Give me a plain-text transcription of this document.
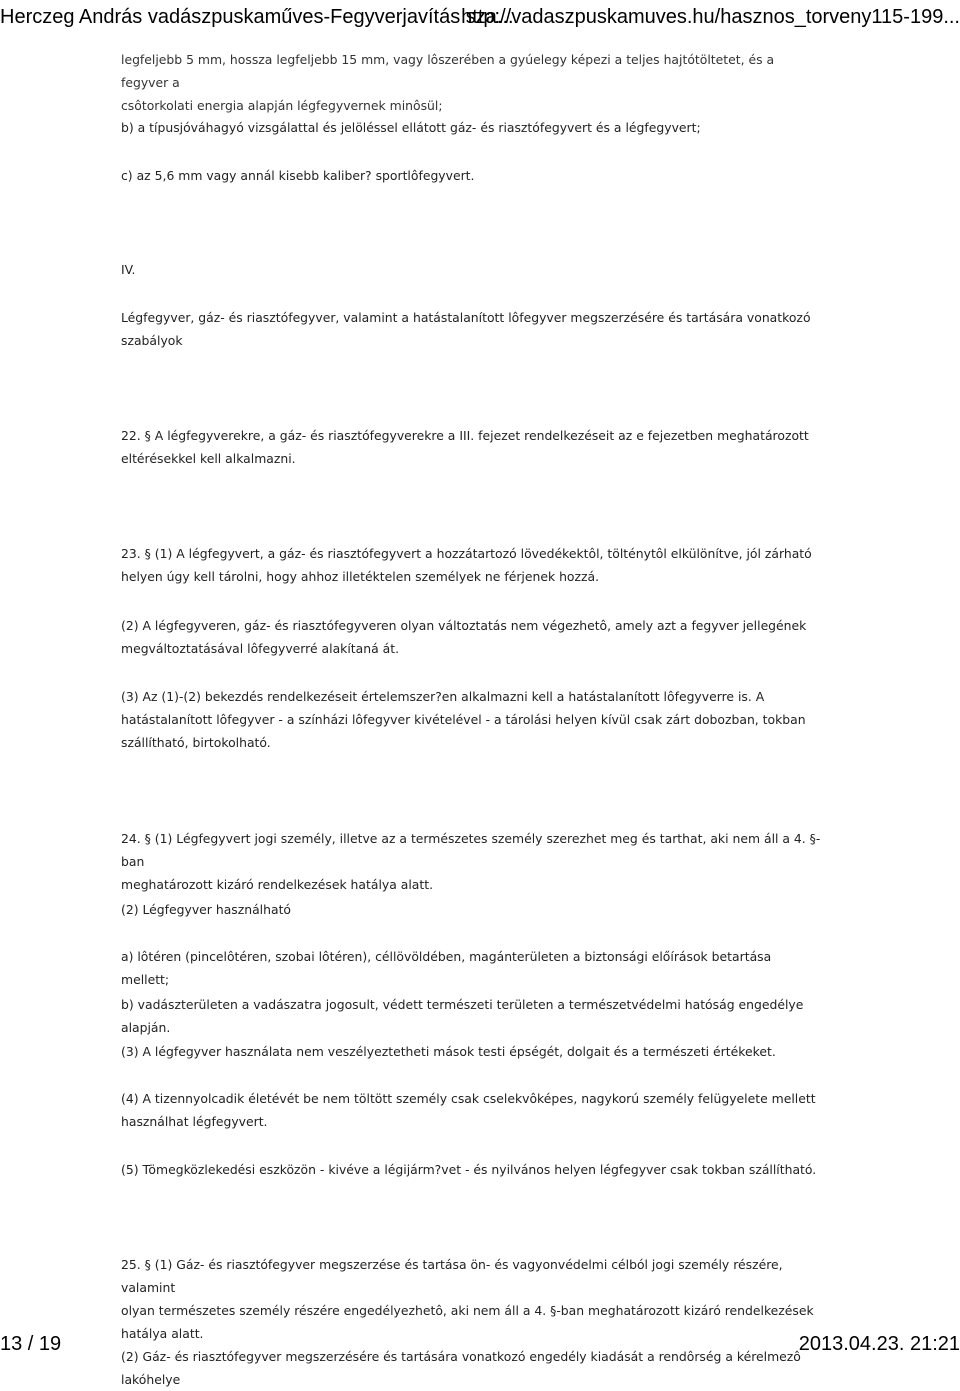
Herczeg András vadászpuskaműves-Fegyverjavítás sza...
http://vadaszpuskamuves.hu/hasznos_torveny115-199...

legfeljebb 5 mm, hossza legfeljebb 15 mm, vagy lôszerében a gyúelegy képezi a teljes hajtótöltetet, és a fegyver a

csôtorkolati energia alapján légfegyvernek minôsül;

b) a típusjóváhagyó vizsgálattal és jelöléssel ellátott gáz- és riasztófegyvert és a légfegyvert;

c) az 5,6 mm vagy annál kisebb kaliber? sportlôfegyvert.

IV.

Légfegyver, gáz- és riasztófegyver, valamint a hatástalanított lôfegyver megszerzésére és tartására vonatkozó

szabályok

22. § A légfegyverekre, a gáz- és riasztófegyverekre a III. fejezet rendelkezéseit az e fejezetben meghatározott

eltérésekkel kell alkalmazni.

23. § (1) A légfegyvert, a gáz- és riasztófegyvert a hozzátartozó lövedékektôl, tölténytôl elkülönítve, jól zárható

helyen úgy kell tárolni, hogy ahhoz illetéktelen személyek ne férjenek hozzá.

(2) A légfegyveren, gáz- és riasztófegyveren olyan változtatás nem végezhetô, amely azt a fegyver jellegének

megváltoztatásával lôfegyverré alakítaná át.

(3) Az (1)-(2) bekezdés rendelkezéseit értelemszer?en alkalmazni kell a hatástalanított lôfegyverre is. A

hatástalanított lôfegyver - a színházi lôfegyver kivételével - a tárolási helyen kívül csak zárt dobozban, tokban

szállítható, birtokolható.

24. § (1) Légfegyvert jogi személy, illetve az a természetes személy szerezhet meg és tarthat, aki nem áll a 4. §-ban

meghatározott kizáró rendelkezések hatálya alatt.

(2) Légfegyver használható

a) lôtéren (pincelôtéren, szobai lôtéren), céllövöldében, magánterületen a biztonsági előírások betartása mellett;

b) vadászterületen a vadászatra jogosult, védett természeti területen a természetvédelmi hatóság engedélye alapján.

(3) A légfegyver használata nem veszélyeztetheti mások testi épségét, dolgait és a természeti értékeket.

(4) A tizennyolcadik életévét be nem töltött személy csak cselekvôképes, nagykorú személy felügyelete mellett

használhat légfegyvert.

(5) Tömegközlekedési eszközön - kivéve a légijárm?vet - és nyilvános helyen légfegyver csak tokban szállítható.

25. § (1) Gáz- és riasztófegyver megszerzése és tartása ön- és vagyonvédelmi célból jogi személy részére, valamint

olyan természetes személy részére engedélyezhetô, aki nem áll a 4. §-ban meghatározott kizáró rendelkezések

hatálya alatt.

(2) Gáz- és riasztófegyver megszerzésére és tartására vonatkozó engedély kiadását a rendôrség a kérelmezô lakóhelye

13 / 19	2013.04.23. 21:21
